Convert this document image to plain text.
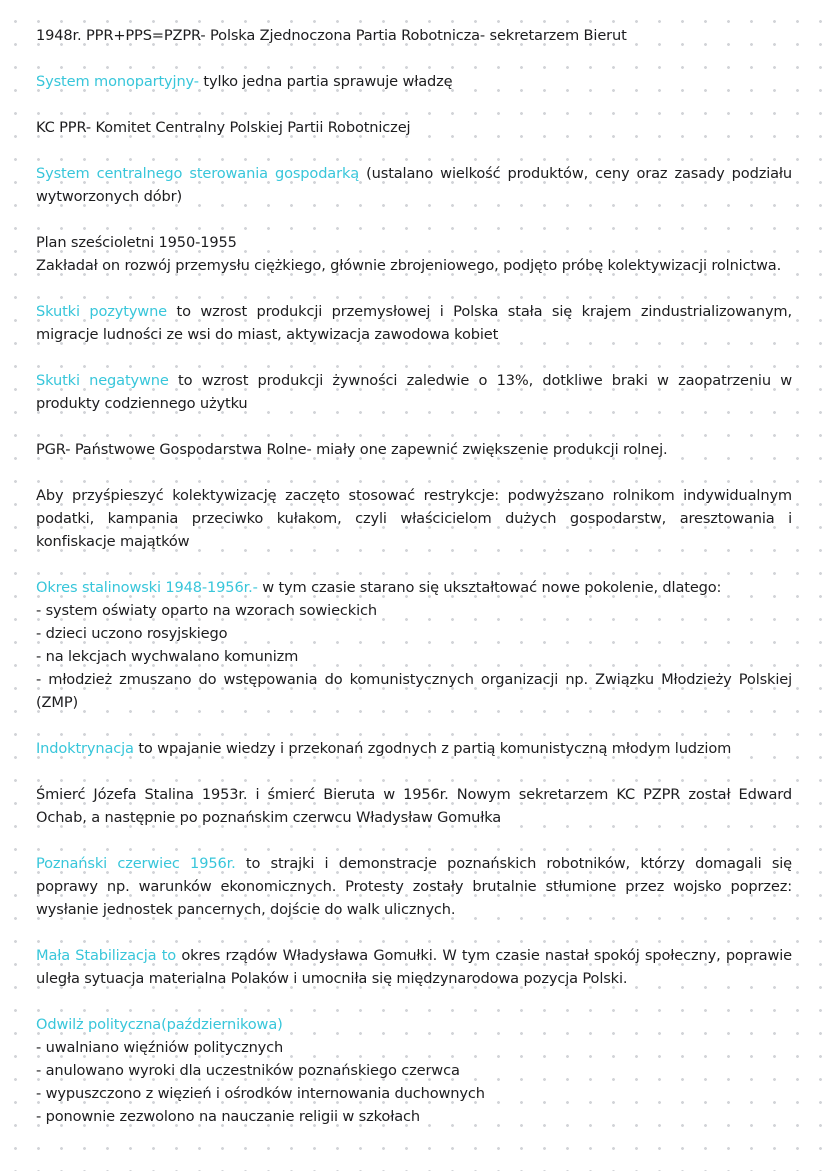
1948r. PPR+PPS=PZPR- Polska Zjednoczona Partia Robotnicza- sekretarzem Bierut

System monopartyjny- tylko jedna partia sprawuje władzę

KC PPR- Komitet Centralny Polskiej Partii Robotniczej

System centralnego sterowania gospodarką (ustalano wielkość produktów, ceny oraz zasady podziału wytworzonych dóbr)

Plan sześcioletni 1950-1955
Zakładał on rozwój przemysłu ciężkiego, głównie zbrojeniowego, podjęto próbę kolektywizacji rolnictwa.

Skutki pozytywne to wzrost produkcji przemysłowej i Polska stała się krajem zindustrializowanym, migracje ludności ze wsi do miast, aktywizacja zawodowa kobiet

Skutki negatywne to wzrost produkcji żywności zaledwie o 13%, dotkliwe braki w zaopatrzeniu w produkty codziennego użytku

PGR- Państwowe Gospodarstwa Rolne- miały one zapewnić zwiększenie produkcji rolnej.

Aby przyśpieszyć kolektywizację zaczęto stosować restrykcje: podwyższano rolnikom indywidualnym podatki, kampania przeciwko kułakom, czyli właścicielom dużych gospodarstw, aresztowania i konfiskacje majątków

Okres stalinowski 1948-1956r.- w tym czasie starano się ukształtować nowe pokolenie, dlatego:
- system oświaty oparto na wzorach sowieckich
- dzieci uczono rosyjskiego
- na lekcjach wychwalano komunizm
- młodzież zmuszano do wstępowania do komunistycznych organizacji np. Związku Młodzieży Polskiej (ZMP)

Indoktrynacja to wpajanie wiedzy i przekonań zgodnych z partią komunistyczną młodym ludziom

Śmierć Józefa Stalina 1953r. i śmierć Bieruta w 1956r. Nowym sekretarzem KC PZPR został Edward Ochab, a następnie po poznańskim czerwcu Władysław Gomułka

Poznański czerwiec 1956r. to strajki i demonstracje poznańskich robotników, którzy domagali się poprawy np. warunków ekonomicznych. Protesty zostały brutalnie stłumione przez wojsko poprzez: wysłanie jednostek pancernych, dojście do walk ulicznych.

Mała Stabilizacja to okres rządów Władysława Gomułki. W tym czasie nastał spokój społeczny, poprawie uległa sytuacja materialna Polaków i umocniła się międzynarodowa pozycja Polski.

Odwilż polityczna(październikowa)
- uwalniano więźniów politycznych
- anulowano wyroki dla uczestników poznańskiego czerwca
- wypuszczono z więzień i ośrodków internowania duchownych
- ponownie zezwolono na nauczanie religii w szkołach
